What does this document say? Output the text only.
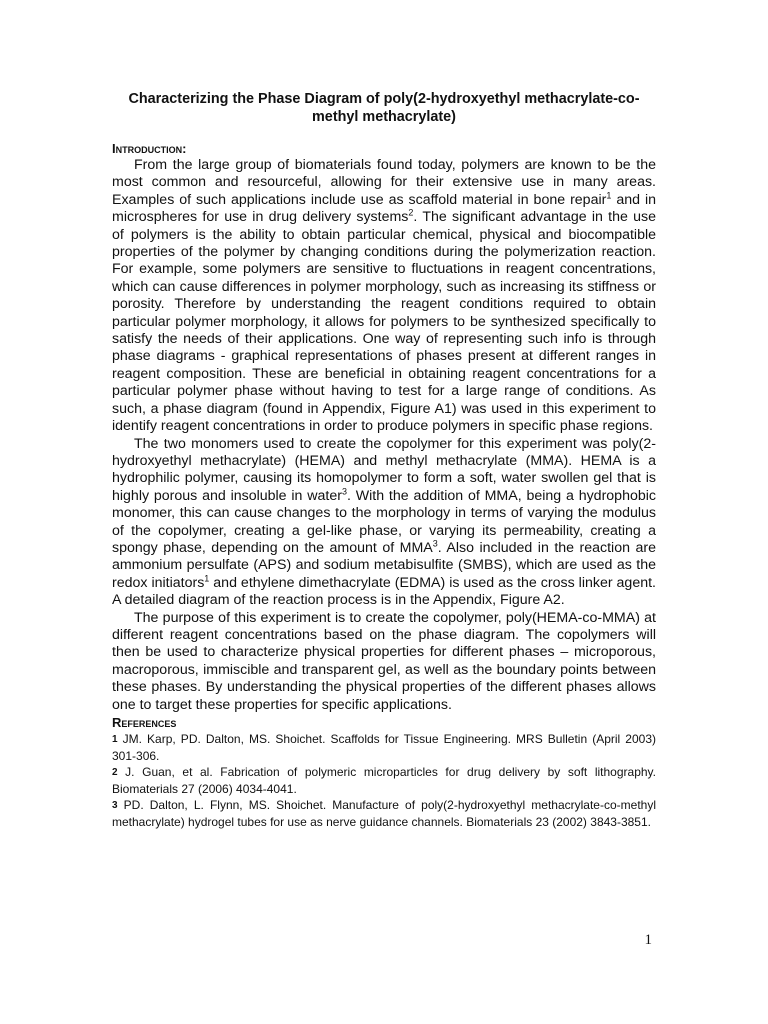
Characterizing the Phase Diagram of poly(2-hydroxyethyl methacrylate-co-methyl methacrylate)
Introduction:

From the large group of biomaterials found today, polymers are known to be the most common and resourceful, allowing for their extensive use in many areas. Examples of such applications include use as scaffold material in bone repair$^1$ and in microspheres for use in drug delivery systems$^2$. The significant advantage in the use of polymers is the ability to obtain particular chemical, physical and biocompatible properties of the polymer by changing conditions during the polymerization reaction. For example, some polymers are sensitive to fluctuations in reagent concentrations, which can cause differences in polymer morphology, such as increasing its stiffness or porosity. Therefore by understanding the reagent conditions required to obtain particular polymer morphology, it allows for polymers to be synthesized specifically to satisfy the needs of their applications. One way of representing such info is through phase diagrams - graphical representations of phases present at different ranges in reagent composition. These are beneficial in obtaining reagent concentrations for a particular polymer phase without having to test for a large range of conditions. As such, a phase diagram (found in Appendix, Figure A1) was used in this experiment to identify reagent concentrations in order to produce polymers in specific phase regions.

The two monomers used to create the copolymer for this experiment was poly(2-hydroxyethyl methacrylate) (HEMA) and methyl methacrylate (MMA). HEMA is a hydrophilic polymer, causing its homopolymer to form a soft, water swollen gel that is highly porous and insoluble in water$^3$. With the addition of MMA, being a hydrophobic monomer, this can cause changes to the morphology in terms of varying the modulus of the copolymer, creating a gel-like phase, or varying its permeability, creating a spongy phase, depending on the amount of MMA$^3$. Also included in the reaction are ammonium persulfate (APS) and sodium metabisulfite (SMBS), which are used as the redox initiators$^1$ and ethylene dimethacrylate (EDMA) is used as the cross linker agent. A detailed diagram of the reaction process is in the Appendix, Figure A2.

The purpose of this experiment is to create the copolymer, poly(HEMA-co-MMA) at different reagent concentrations based on the phase diagram. The copolymers will then be used to characterize physical properties for different phases – microporous, macroporous, immiscible and transparent gel, as well as the boundary points between these phases. By understanding the physical properties of the different phases allows one to target these properties for specific applications.

References

1 JM. Karp, PD. Dalton, MS. Shoichet. Scaffolds for Tissue Engineering. MRS Bulletin (April 2003) 301-306.

2 J. Guan, et al. Fabrication of polymeric microparticles for drug delivery by soft lithography. Biomaterials 27 (2006) 4034-4041.

3 PD. Dalton, L. Flynn, MS. Shoichet. Manufacture of poly(2-hydroxyethyl methacrylate-co-methyl methacrylate) hydrogel tubes for use as nerve guidance channels. Biomaterials 23 (2002) 3843-3851.

1
